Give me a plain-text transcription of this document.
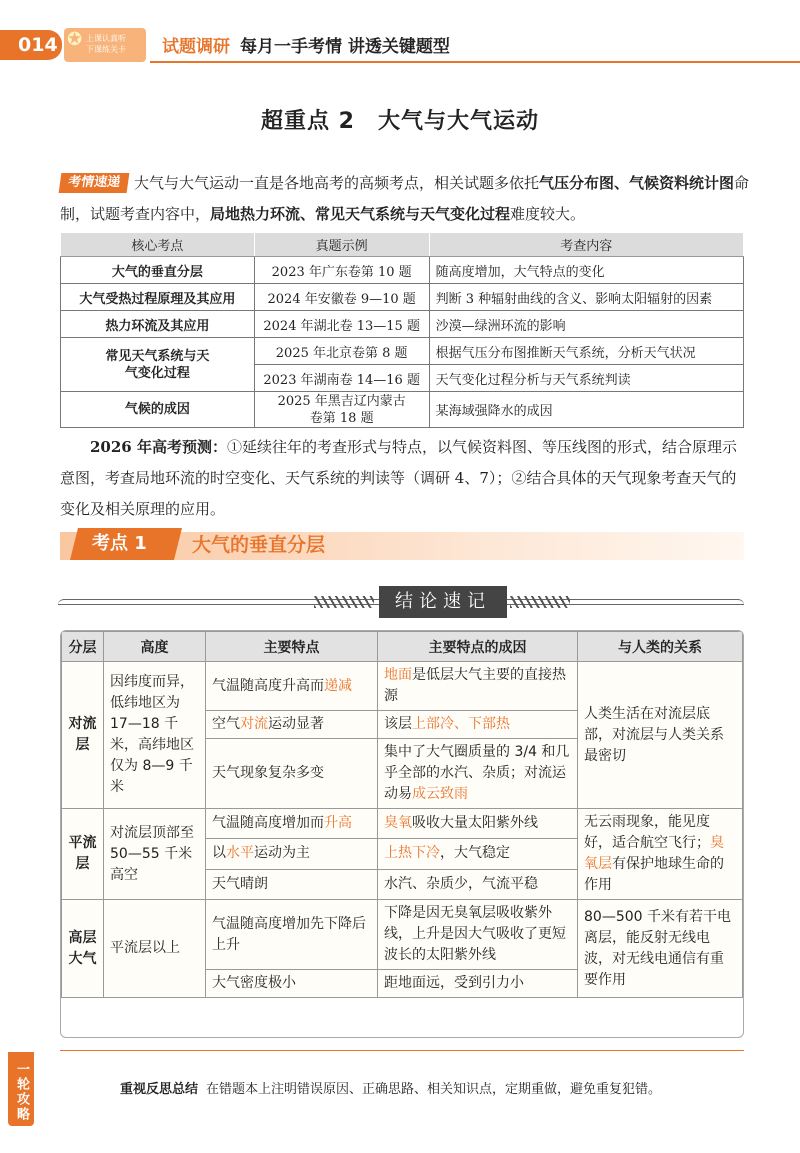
014 ✪ 上课认真听
下课练关卡	试题调研 每月一手考情 讲透关键题型
超重点 2　大气与大气运动
考情速递 大气与大气运动一直是各地高考的高频考点，相关试题多依托气压分布图、气候资料统计图命制，试题考查内容中，局地热力环流、常见天气系统与天气变化过程难度较大。
核心考点	真题示例	考查内容
大气的垂直分层	2023 年广东卷第 10 题	随高度增加，大气特点的变化
大气受热过程原理及其应用	2024 年安徽卷 9—10 题	判断 3 种辐射曲线的含义、影响太阳辐射的因素
热力环流及其应用	2024 年湖北卷 13—15 题	沙漠—绿洲环流的影响
常见天气系统与天气变化过程	2025 年北京卷第 8 题	根据气压分布图推断天气系统，分析天气状况
	2023 年湖南卷 14—16 题	天气变化过程分析与天气系统判读
气候的成因	2025 年黑吉辽内蒙古卷第 18 题	某海域强降水的成因
2026 年高考预测：①延续往年的考查形式与特点，以气候资料图、等压线图的形式，结合原理示意图，考查局地环流的时空变化、天气系统的判读等（调研 4、7）；②结合具体的天气现象考查天气的变化及相关原理的应用。
考点 1	大气的垂直分层
结论速记
分层	高度	主要特点	主要特点的成因	与人类的关系
对流层	因纬度而异，低纬地区为 17—18 千米，高纬地区仅为 8—9 千米	气温随高度升高而递减	地面是低层大气主要的直接热源	人类生活在对流层底部，对流层与人类关系最密切
		空气对流运动显著	该层上部冷、下部热	
		天气现象复杂多变	集中了大气圈质量的 3/4 和几乎全部的水汽、杂质；对流运动易成云致雨	
平流层	对流层顶部至 50—55 千米高空	气温随高度增加而升高	臭氧吸收大量太阳紫外线	无云雨现象，能见度好，适合航空飞行；臭氧层有保护地球生命的作用
		以水平运动为主	上热下冷，大气稳定	
		天气晴朗	水汽、杂质少，气流平稳	
高层大气	平流层以上	气温随高度增加先下降后上升	下降是因无臭氧层吸收紫外线，上升是因大气吸收了更短波长的太阳紫外线	80—500 千米有若干电离层，能反射无线电波，对无线电通信有重要作用
		大气密度极小	距地面远，受到引力小	
一轮攻略	重视反思总结 在错题本上注明错误原因、正确思路、相关知识点，定期重做，避免重复犯错。
